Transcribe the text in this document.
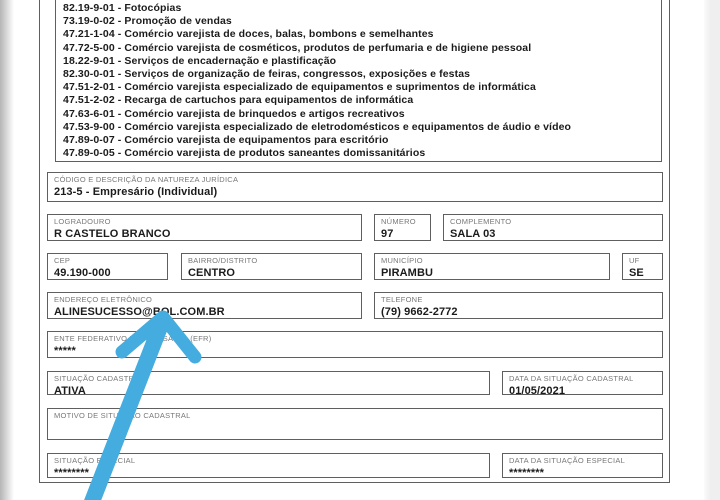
82.19-9-01 - Fotocópias
73.19-0-02 - Promoção de vendas
47.21-1-04 - Comércio varejista de doces, balas, bombons e semelhantes
47.72-5-00 - Comércio varejista de cosméticos, produtos de perfumaria e de higiene pessoal
18.22-9-01 - Serviços de encadernação e plastificação
82.30-0-01 - Serviços de organização de feiras, congressos, exposições e festas
47.51-2-01 - Comércio varejista especializado de equipamentos e suprimentos de informática
47.51-2-02 - Recarga de cartuchos para equipamentos de informática
47.63-6-01 - Comércio varejista de brinquedos e artigos recreativos
47.53-9-00 - Comércio varejista especializado de eletrodomésticos e equipamentos de áudio e vídeo
47.89-0-07 - Comércio varejista de equipamentos para escritório
47.89-0-05 - Comércio varejista de produtos saneantes domissanitários
CÓDIGO E DESCRIÇÃO DA NATUREZA JURÍDICA
213-5 - Empresário (Individual)
LOGRADOURO
R CASTELO BRANCO
NÚMERO
97
COMPLEMENTO
SALA 03
CEP
49.190-000
BAIRRO/DISTRITO
CENTRO
MUNICÍPIO
PIRAMBU
UF
SE
ENDEREÇO ELETRÔNICO
ALINESUCESSO@BOL.COM.BR
TELEFONE
(79) 9662-2772
ENTE FEDERATIVO RESPONSÁVEL (EFR)
*****
SITUAÇÃO CADASTRAL
ATIVA
DATA DA SITUAÇÃO CADASTRAL
01/05/2021
MOTIVO DE SITUAÇÃO CADASTRAL
SITUAÇÃO ESPECIAL
********
DATA DA SITUAÇÃO ESPECIAL
********
